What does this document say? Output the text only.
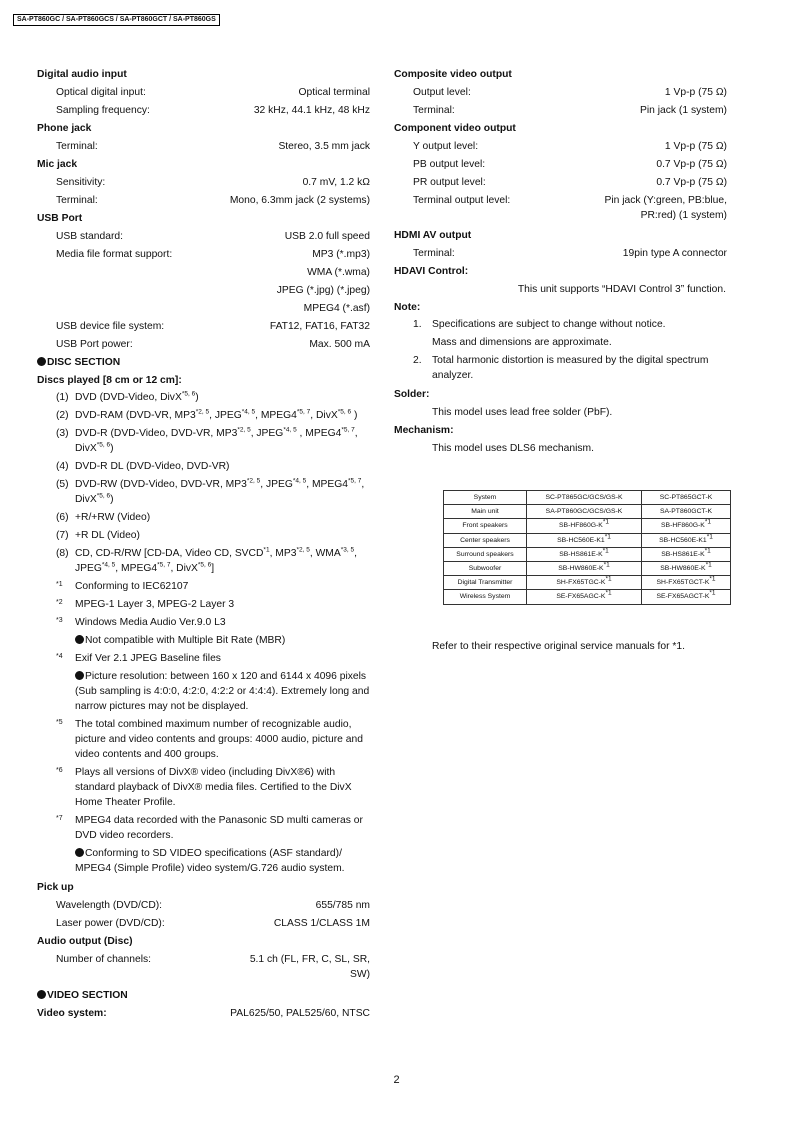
SA-PT860GC / SA-PT860GCS / SA-PT860GCT / SA-PT860GS
Digital audio input
Optical digital input:	Optical terminal
Sampling frequency:	32 kHz, 44.1 kHz, 48 kHz
Phone jack
Terminal:	Stereo, 3.5 mm jack
Mic jack
Sensitivity:	0.7 mV, 1.2 kΩ
Terminal:	Mono, 6.3mm jack (2 systems)
USB Port
USB standard:	USB 2.0 full speed
Media file format support:	MP3 (*.mp3)
WMA (*.wma)
JPEG (*.jpg) (*.jpeg)
MPEG4 (*.asf)
USB device file system:	FAT12, FAT16, FAT32
USB Port power:	Max. 500 mA
DISC SECTION
Discs played [8 cm or 12 cm]:
(1) DVD (DVD-Video, DivX$^{*5, 6}$)
(2) DVD-RAM (DVD-VR, MP3$^{*2, 5}$, JPEG$^{*4, 5}$, MPEG4$^{*5, 7}$, DivX$^{*5, 6}$ )
(3) DVD-R (DVD-Video, DVD-VR, MP3$^{*2, 5}$, JPEG$^{*4, 5}$ , MPEG4$^{*5, 7}$, DivX$^{*5, 6}$)
(4) DVD-R DL (DVD-Video, DVD-VR)
(5) DVD-RW (DVD-Video, DVD-VR, MP3$^{*2, 5}$, JPEG$^{*4, 5}$, MPEG4$^{*5, 7}$, DivX$^{*5, 6}$)
(6) +R/+RW (Video)
(7) +R DL (Video)
(8) CD, CD-R/RW [CD-DA, Video CD, SVCD$^{*1}$, MP3$^{*2, 5}$, WMA$^{*3, 5}$, JPEG$^{*4, 5}$, MPEG4$^{*5, 7}$, DivX$^{*5, 6}$]
*1	Conforming to IEC62107
*2	MPEG-1 Layer 3, MPEG-2 Layer 3
*3	Windows Media Audio Ver.9.0 L3
Not compatible with Multiple Bit Rate (MBR)
*4	Exif Ver 2.1 JPEG Baseline files
Picture resolution: between 160 x 120 and 6144 x 4096 pixels (Sub sampling is 4:0:0, 4:2:0, 4:2:2 or 4:4:4). Extremely long and narrow pictures may not be displayed.
*5	The total combined maximum number of recognizable audio, picture and video contents and groups: 4000 audio, picture and video contents and 400 groups.
*6	Plays all versions of DivX® video (including DivX®6) with standard playback of DivX® media files. Certified to the DivX Home Theater Profile.
*7	MPEG4 data recorded with the Panasonic SD multi cameras or DVD video recorders.
Conforming to SD VIDEO specifications (ASF standard)/ MPEG4 (Simple Profile) video system/G.726 audio system.
Pick up
Wavelength (DVD/CD):	655/785 nm
Laser power (DVD/CD):	CLASS 1/CLASS 1M
Audio output (Disc)
Number of channels:	5.1 ch (FL, FR, C, SL, SR,
SW)
VIDEO SECTION
Video system:	PAL625/50, PAL525/60, NTSC
Composite video output
Output level:	1 Vp-p (75 Ω)
Terminal:	Pin jack (1 system)
Component video output
Y output level:	1 Vp-p (75 Ω)
PB output level:	0.7 Vp-p (75 Ω)
PR output level:	0.7 Vp-p (75 Ω)
Terminal output level:	Pin jack (Y:green, PB:blue,
PR:red) (1 system)
HDMI AV output
Terminal:	19pin type A connector
HDAVI Control:
This unit supports “HDAVI Control 3” function.
Note:
1.	Specifications are subject to change without notice.
Mass and dimensions are approximate.
2.	Total harmonic distortion is measured by the digital spectrum analyzer.
Solder:
This model uses lead free solder (PbF).
Mechanism:
This model uses DLS6 mechanism.
System	SC-PT865GC/GCS/GS-K	SC-PT865GCT-K
Main unit	SA-PT860GC/GCS/GS-K	SA-PT860GCT-K
Front speakers	$SB-HF860G-K^{*1}$	$SB-HF860G-K^{*1}$
Center speakers	SB-HC560E-K1$^{*1}$	SB-HC560E-K1$^{*1}$
Surround speakers	$SB-HS861E-K^{*1}$	$SB-HS861E-K^{*1}$
Subwoofer	$SB-HW860E-K^{*1}$	$SB-HW860E-K^{*1}$
Digital Transmitter	$SH-FX65TGC-K^{*1}$	$SH-FX65TGCT-K^{*1}$
Wireless System	$SE-FX65AGC-K^{*1}$	$SE-FX65AGCT-K^{*1}$
Refer to their respective original service manuals for *1.
2
